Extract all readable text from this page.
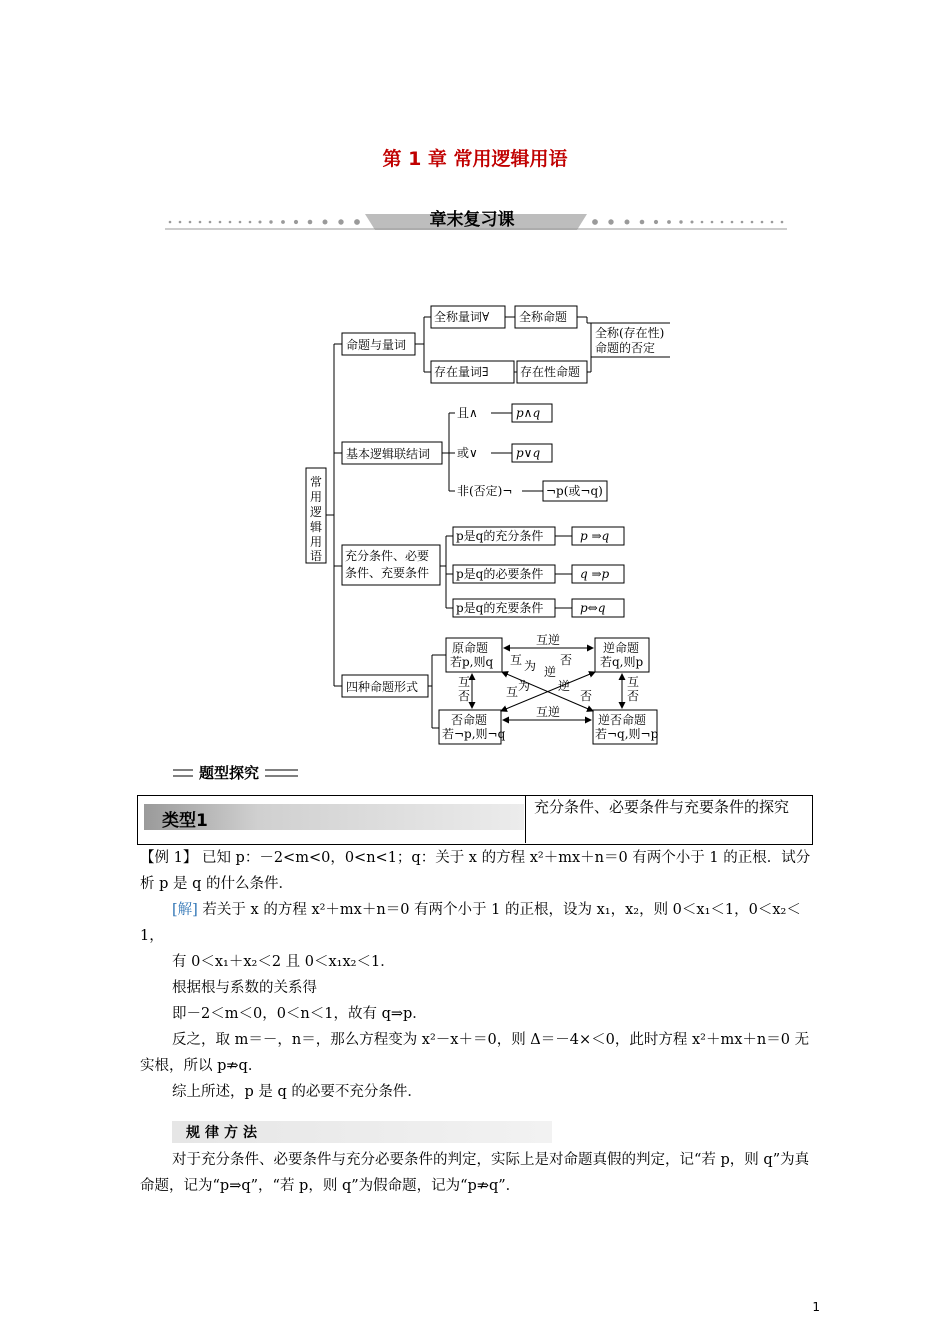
第 1 章 常用逻辑用语
章末复习课
常用逻 辑用语
命题与量词
全称量词∀ 全称命题
存在量词∃	存在性命题
全称(存在性)
命题的否定
基本逻辑联结词
且∧	p∧q
或∨	p∨q
非(否定)¬	¬p(或¬q)
充分条件、必要
条件、充要条件
p是q的充分条件	p ⇒q
p是q的必要条件	q ⇒p
p是q的充要条件	p⇔q
四种命题形式
原命题
若p,则q
逆命题
若q,则p
否命题
若¬p,则¬q
逆否命题
若¬q,则¬p
互逆
互逆
互
否
互
否
互 为 逆
否
互 为 逆
否
题型探究
类型1
充分条件、必要条件与充要条件的探究
【例 1】 已知 p：－2<m<0，0<n<1；q：关于 x 的方程 x²＋mx＋n＝0 有两个小于 1 的正根．试分析 p 是 q 的什么条件．
[解] 若关于 x 的方程 x²＋mx＋n＝0 有两个小于 1 的正根，设为 x₁，x₂，则 0＜x₁＜1，0＜x₂＜1，
有 0＜x₁＋x₂＜2 且 0＜x₁x₂＜1．
根据根与系数的关系得
即－2＜m＜0，0＜n＜1，故有 q⇒p．
反之，取 m＝－，n＝，那么方程变为 x²－x＋＝0，则 Δ＝－4×＜0，此时方程 x²＋mx＋n＝0 无实根，所以 p⇏q．
综上所述，p 是 q 的必要不充分条件．
规律方法
对于充分条件、必要条件与充分必要条件的判定，实际上是对命题真假的判定，记“若 p，则 q”为真命题，记为“p⇒q”，“若 p，则 q”为假命题，记为“p⇏q”．
1
